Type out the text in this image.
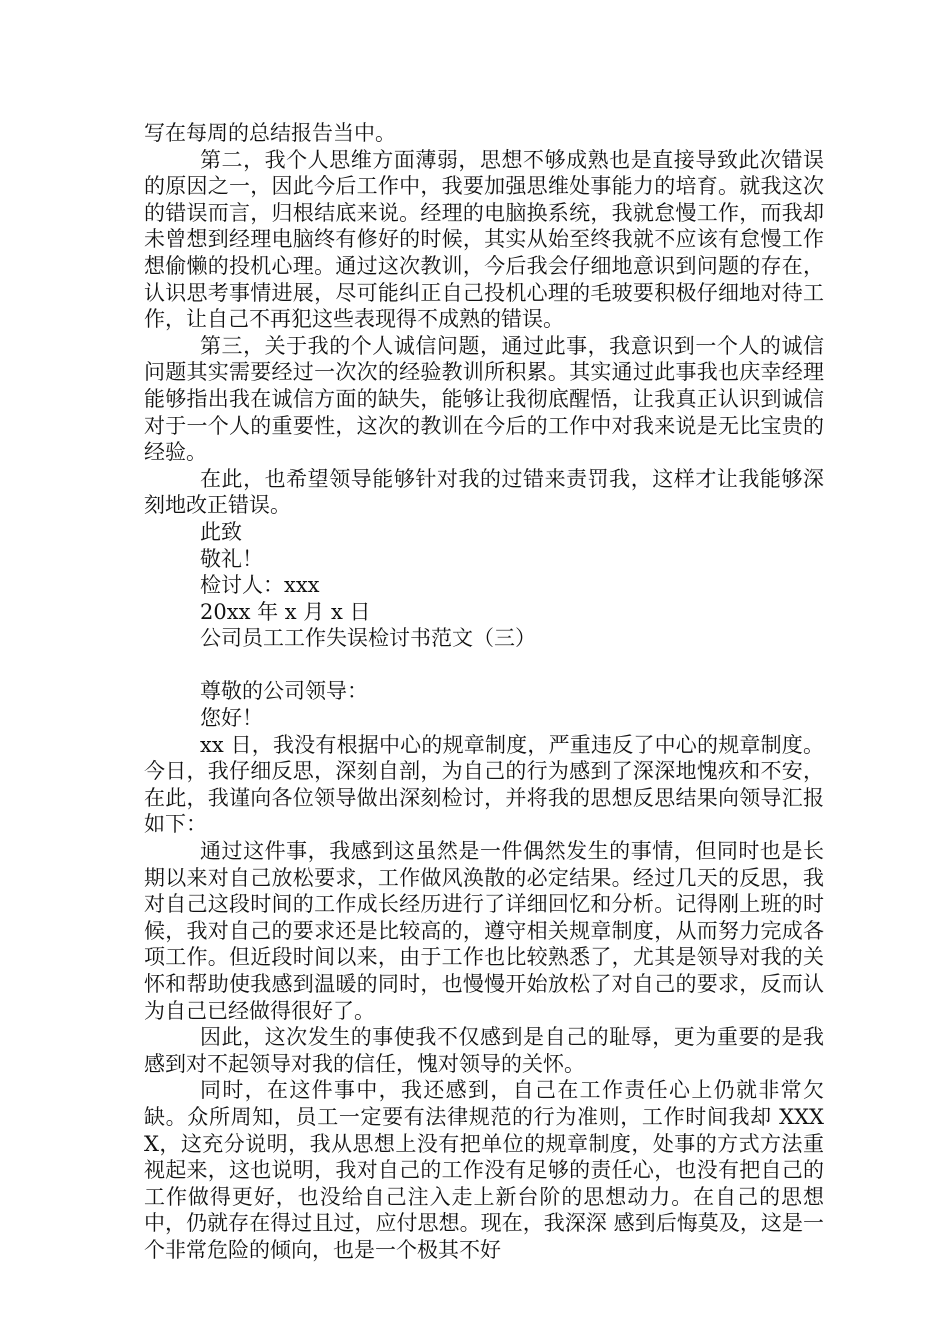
写在每周的总结报告当中。

第二，我个人思维方面薄弱，思想不够成熟也是直接导致此次错误的原因之一，因此今后工作中，我要加强思维处事能力的培育。就我这次的错误而言，归根结底来说。经理的电脑换系统，我就怠慢工作，而我却未曾想到经理电脑终有修好的时候，其实从始至终我就不应该有怠慢工作想偷懒的投机心理。通过这次教训，今后我会仔细地意识到问题的存在，认识思考事情进展，尽可能纠正自己投机心理的毛玻要积极仔细地对待工作，让自己不再犯这些表现得不成熟的错误。

第三，关于我的个人诚信问题，通过此事，我意识到一个人的诚信问题其实需要经过一次次的经验教训所积累。其实通过此事我也庆幸经理能够指出我在诚信方面的缺失，能够让我彻底醒悟，让我真正认识到诚信对于一个人的重要性，这次的教训在今后的工作中对我来说是无比宝贵的经验。

在此，也希望领导能够针对我的过错来责罚我，这样才让我能够深刻地改正错误。

此致

敬礼！

检讨人：xxx

20xx 年 x 月 x 日

公司员工工作失误检讨书范文（三）

尊敬的公司领导：

您好！

xx 日，我没有根据中心的规章制度，严重违反了中心的规章制度。今日，我仔细反思，深刻自剖，为自己的行为感到了深深地愧疚和不安，在此，我谨向各位领导做出深刻检讨，并将我的思想反思结果向领导汇报如下：

通过这件事，我感到这虽然是一件偶然发生的事情，但同时也是长期以来对自己放松要求，工作做风涣散的必定结果。经过几天的反思，我对自己这段时间的工作成长经历进行了详细回忆和分析。记得刚上班的时候，我对自己的要求还是比较高的，遵守相关规章制度，从而努力完成各项工作。但近段时间以来，由于工作也比较熟悉了，尤其是领导对我的关怀和帮助使我感到温暖的同时，也慢慢开始放松了对自己的要求，反而认为自己已经做得很好了。

因此，这次发生的事使我不仅感到是自己的耻辱，更为重要的是我感到对不起领导对我的信任，愧对领导的关怀。

同时，在这件事中，我还感到，自己在工作责任心上仍就非常欠缺。众所周知，员工一定要有法律规范的行为准则，工作时间我却 XXXX，这充分说明，我从思想上没有把单位的规章制度，处事的方式方法重视起来，这也说明，我对自己的工作没有足够的责任心，也没有把自己的工作做得更好，也没给自己注入走上新台阶的思想动力。在自己的思想中，仍就存在得过且过，应付思想。现在，我深深 感到后悔莫及，这是一个非常危险的倾向，也是一个极其不好
